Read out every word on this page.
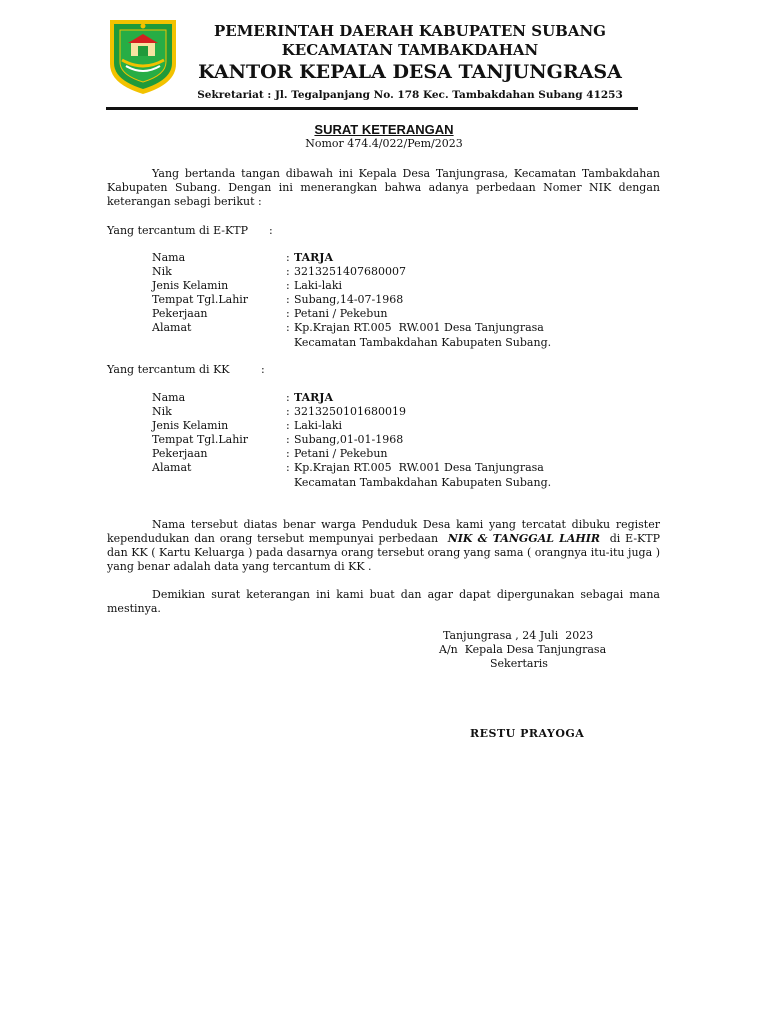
PEMERINTAH DAERAH KABUPATEN SUBANG
KECAMATAN TAMBAKDAHAN
KANTOR KEPALA DESA TANJUNGRASA
Sekretariat : Jl. Tegalpanjang No. 178 Kec. Tambakdahan Subang 41253
SURAT KETERANGAN
Nomor 474.4/022/Pem/2023
Yang bertanda tangan dibawah ini Kepala Desa Tanjungrasa, Kecamatan Tambakdahan Kabupaten Subang. Dengan ini menerangkan bahwa adanya perbedaan Nomer NIK dengan keterangan sebagi berikut :
Yang tercantum di E-KTP      :
Nama	: TARJA
Nik	: 3213251407680007
Jenis Kelamin	: Laki-laki
Tempat Tgl.Lahir	: Subang,14-07-1968
Pekerjaan	: Petani / Pekebun
Alamat	: Kp.Krajan RT.005  RW.001 Desa Tanjungrasa
Kecamatan Tambakdahan Kabupaten Subang.
Yang tercantum di KK         :
Nama	: TARJA
Nik	: 3213250101680019
Jenis Kelamin	: Laki-laki
Tempat Tgl.Lahir	: Subang,01-01-1968
Pekerjaan	: Petani / Pekebun
Alamat	: Kp.Krajan RT.005  RW.001 Desa Tanjungrasa
Kecamatan Tambakdahan Kabupaten Subang.
Nama tersebut diatas benar warga Penduduk Desa kami yang tercatat dibuku register kependudukan dan orang tersebut mempunyai perbedaan NIK & TANGGAL LAHIR di E-KTP dan KK ( Kartu Keluarga ) pada dasarnya orang tersebut orang yang sama ( orangnya itu-itu juga ) yang benar adalah data yang tercantum di KK .
Demikian surat keterangan ini kami buat dan agar dapat dipergunakan sebagai mana mestinya.
Tanjungrasa , 24 Juli  2023
A/n  Kepala Desa Tanjungrasa
Sekertaris
RESTU PRAYOGA
